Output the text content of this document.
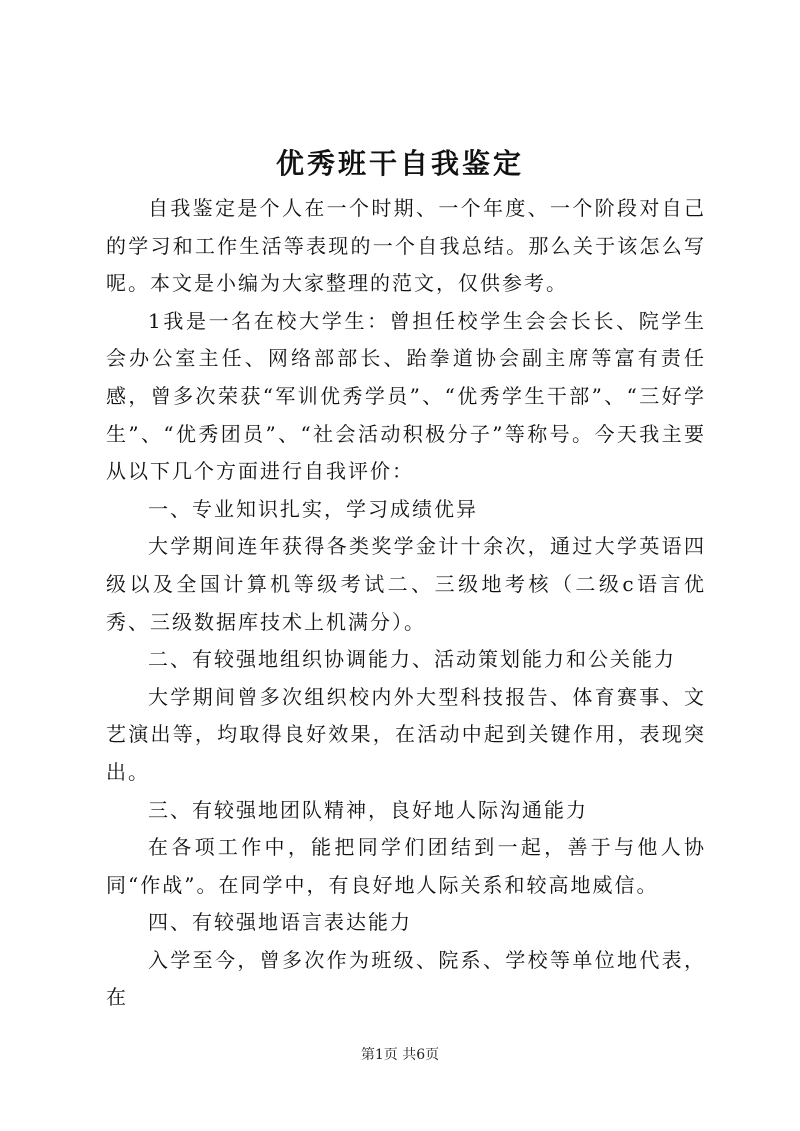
优秀班干自我鉴定

自我鉴定是个人在一个时期、一个年度、一个阶段对自己的学习和工作生活等表现的一个自我总结。那么关于该怎么写呢。本文是小编为大家整理的范文，仅供参考。

1我是一名在校大学生：曾担任校学生会会长长、院学生会办公室主任、网络部部长、跆拳道协会副主席等富有责任感，曾多次荣获“军训优秀学员”、“优秀学生干部”、“三好学生”、“优秀团员”、“社会活动积极分子”等称号。今天我主要从以下几个方面进行自我评价：

一、专业知识扎实，学习成绩优异

大学期间连年获得各类奖学金计十余次，通过大学英语四级以及全国计算机等级考试二、三级地考核（二级c语言优秀、三级数据库技术上机满分）。

二、有较强地组织协调能力、活动策划能力和公关能力

大学期间曾多次组织校内外大型科技报告、体育赛事、文艺演出等，均取得良好效果，在活动中起到关键作用，表现突出。

三、有较强地团队精神，良好地人际沟通能力

在各项工作中，能把同学们团结到一起，善于与他人协同“作战”。在同学中，有良好地人际关系和较高地威信。

四、有较强地语言表达能力

入学至今，曾多次作为班级、院系、学校等单位地代表，在

第1页 共6页
